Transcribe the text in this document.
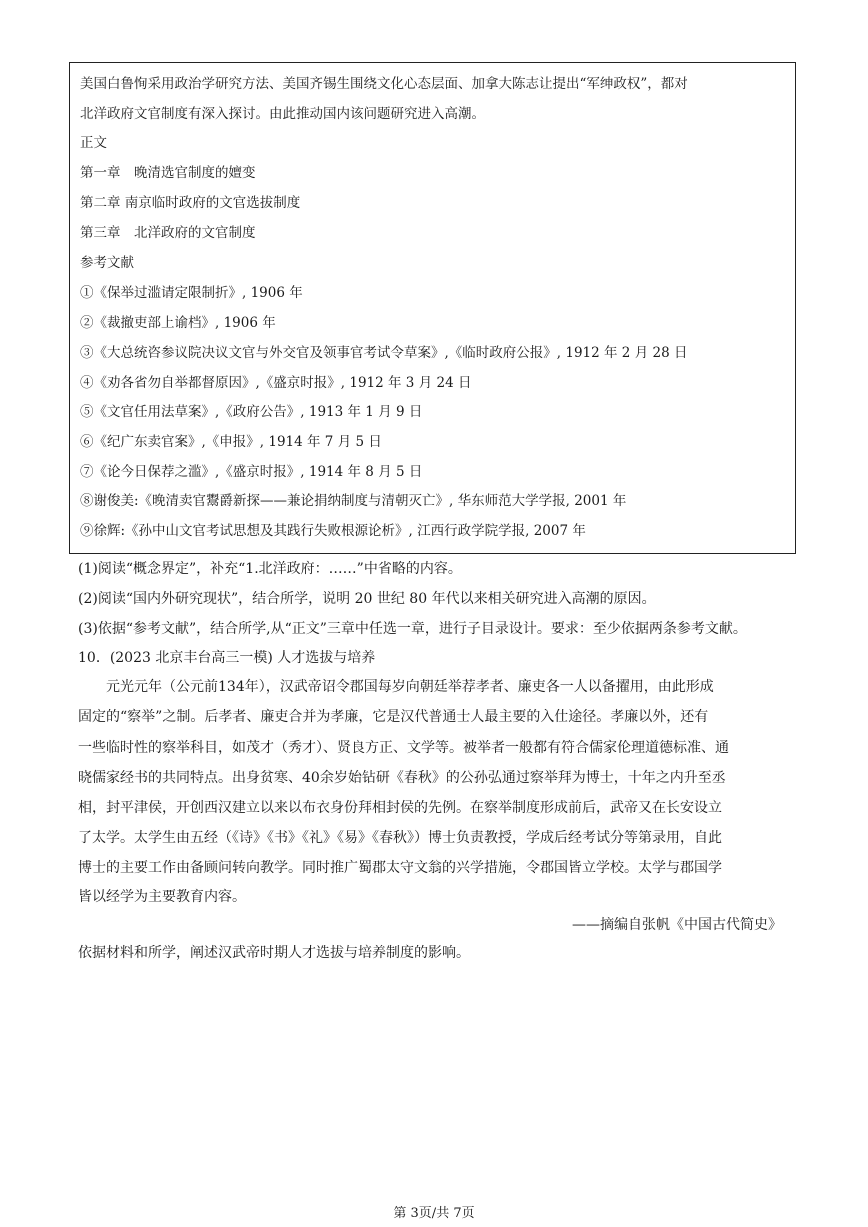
美国白鲁恂采用政治学研究方法、美国齐锡生围绕文化心态层面、加拿大陈志让提出“军绅政权”，都对
北洋政府文官制度有深入探讨。由此推动国内该问题研究进入高潮。
正文
第一章　晚清选官制度的嬗变
第二章 南京临时政府的文官选拔制度
第三章　北洋政府的文官制度
参考文献
①《保举过滥请定限制折》, 1906 年
②《裁撤吏部上谕档》, 1906 年
③《大总统咨参议院决议文官与外交官及领事官考试令草案》,《临时政府公报》, 1912 年 2 月 28 日
④《劝各省勿自举都督原因》,《盛京时报》, 1912 年 3 月 24 日
⑤《文官任用法草案》,《政府公告》, 1913 年 1 月 9 日
⑥《纪广东卖官案》,《申报》, 1914 年 7 月 5 日
⑦《论今日保荐之滥》,《盛京时报》, 1914 年 8 月 5 日
⑧谢俊美:《晚清卖官鬻爵新探——兼论捐纳制度与清朝灭亡》, 华东师范大学学报, 2001 年
⑨徐辉:《孙中山文官考试思想及其践行失败根源论析》, 江西行政学院学报, 2007 年
(1)阅读“概念界定”，补充“1.北洋政府：……”中省略的内容。
(2)阅读“国内外研究现状”，结合所学，说明 20 世纪 80 年代以来相关研究进入高潮的原因。
(3)依据“参考文献”，结合所学,从“正文”三章中任选一章，进行子目录设计。要求：至少依据两条参考文献。
10．(2023 北京丰台高三一模) 人才选拔与培养
　　元光元年（公元前134年），汉武帝诏令郡国每岁向朝廷举荐孝者、廉吏各一人以备擢用，由此形成
固定的“察举”之制。后孝者、廉吏合并为孝廉，它是汉代普通士人最主要的入仕途径。孝廉以外，还有
一些临时性的察举科目，如茂才（秀才）、贤良方正、文学等。被举者一般都有符合儒家伦理道德标准、通
晓儒家经书的共同特点。出身贫寒、40余岁始钻研《春秋》的公孙弘通过察举拜为博士，十年之内升至丞
相，封平津侯，开创西汉建立以来以布衣身份拜相封侯的先例。在察举制度形成前后，武帝又在长安设立
了太学。太学生由五经（《诗》《书》《礼》《易》《春秋》）博士负责教授，学成后经考试分等第录用，自此
博士的主要工作由备顾问转向教学。同时推广蜀郡太守文翁的兴学措施，令郡国皆立学校。太学与郡国学
皆以经学为主要教育内容。
——摘编自张帆《中国古代简史》
依据材料和所学，阐述汉武帝时期人才选拔与培养制度的影响。
第 3页/共 7页
